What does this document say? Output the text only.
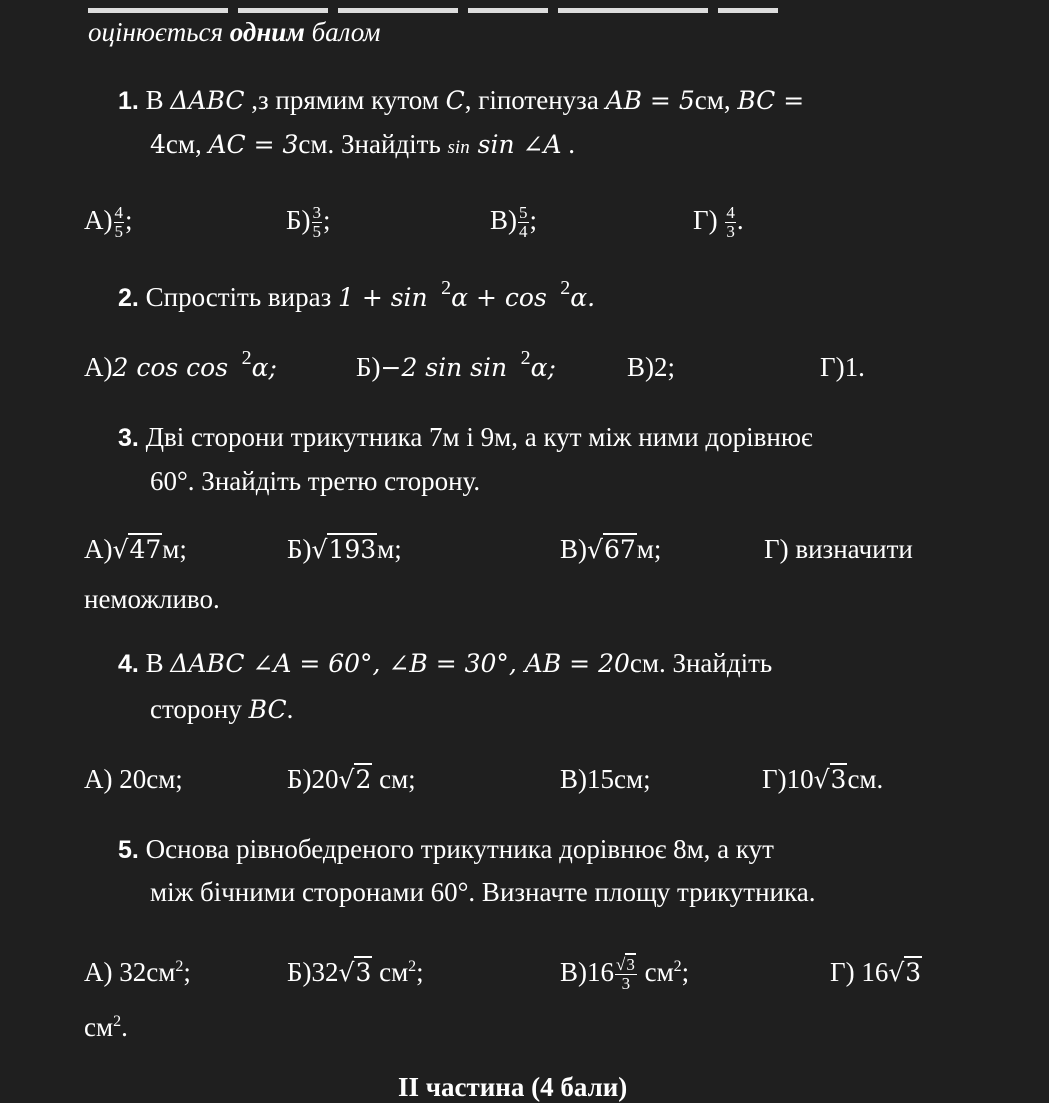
оцінюється одним балом
1. В ΔABC ,з прямим кутом C, гіпотенуза AB = 5см, BC =
4см, AC = 3см. Знайдіть sin sin ∠A .
$А) \frac{4}{5}$ ;	$Б) \frac{3}{5}$ ;	$В) \frac{5}{4}$ ;	$Г) \frac{4}{3}$ .
2. Спростіть вираз 1 + sin $^2$α + cos $^2$α.
А)2 cos cos $^2$α;	Б)−2 sin sin $^2$α;	В)2;	Г)1.
3. Дві сторони трикутника 7м і 9м, а кут між ними дорівнює
60°. Знайдіть третю сторону.
А)√47м;	Б)√193м;	В)√67м;	Г) визначити
неможливо.
4. В ΔABC ∠A = 60°, ∠B = 30°, AB = 20см. Знайдіть
сторону BC.
А) 20см;	Б)20√2 см;	В)15см;	Г)10√3см.
5. Основа рівнобедреного трикутника дорівнює 8м, а кут
між бічними сторонами 60°. Визначте площу трикутника.
А) $32см^2$;	Б)32√3 $см^2$;	$В)16 \frac{√3}{3} см^2$;	Г) 16√3
$см^2$.
II частина (4 бали)
